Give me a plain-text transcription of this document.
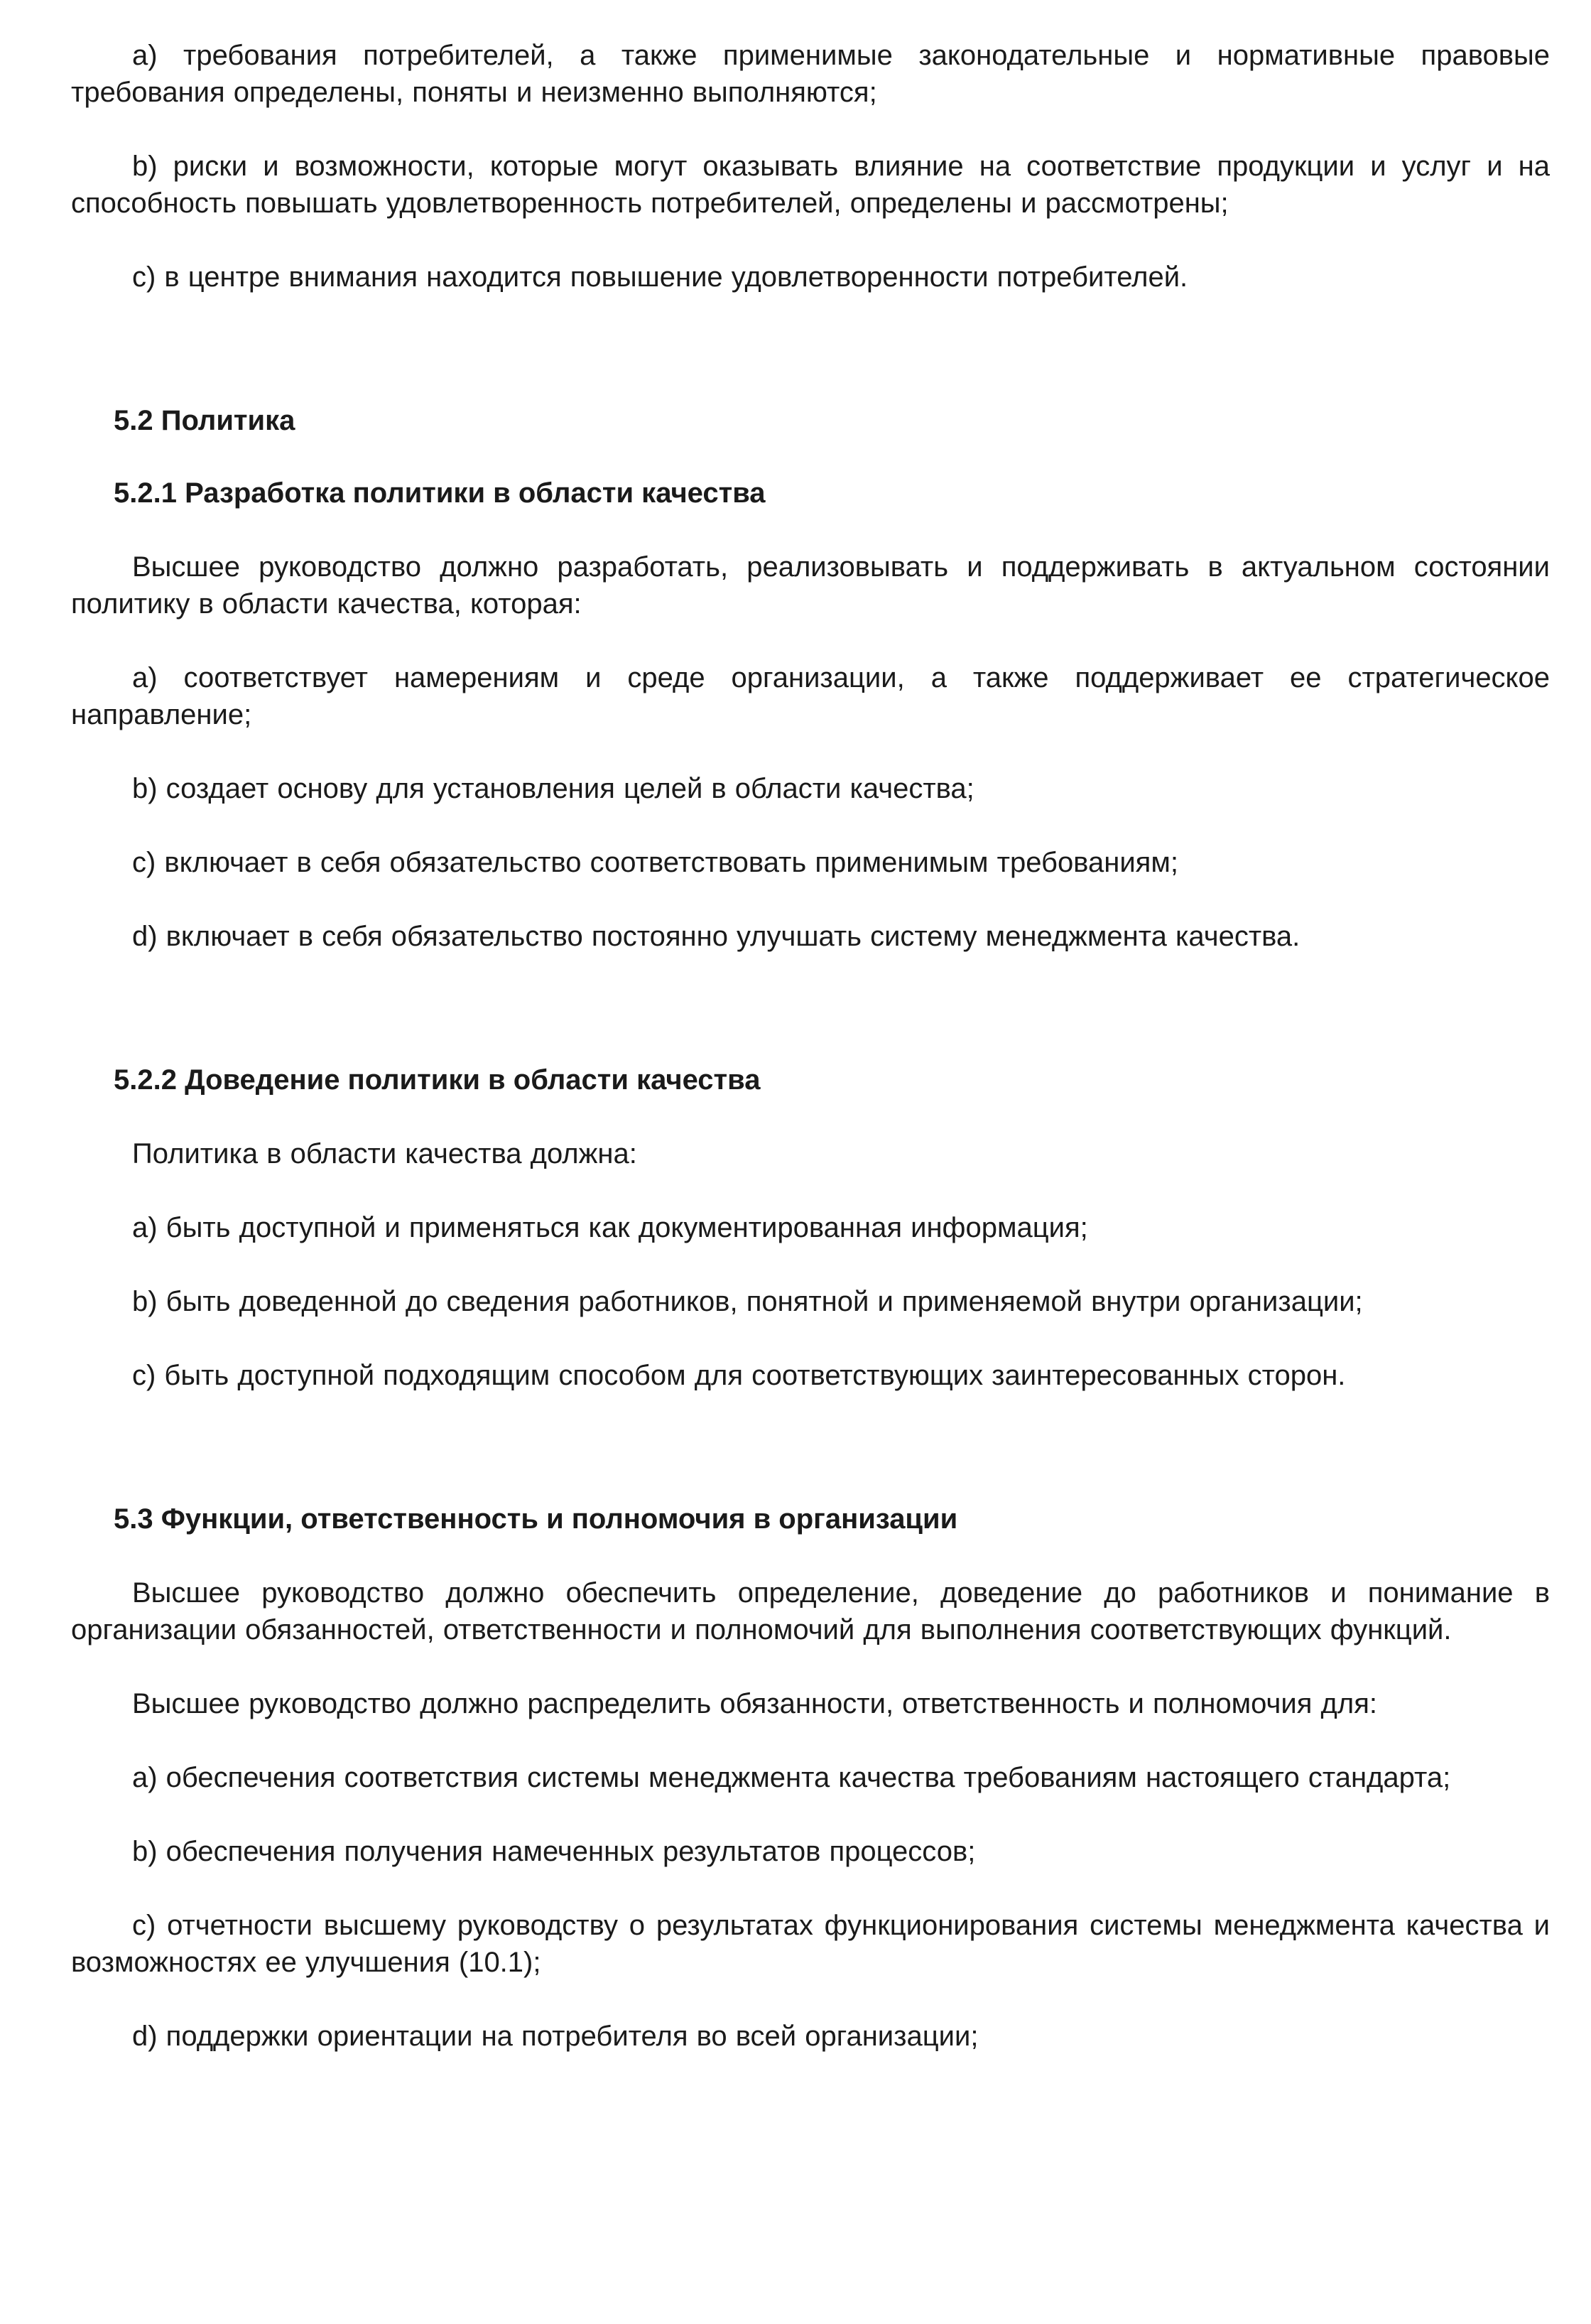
a) требования потребителей, а также применимые законодательные и нормативные правовые требования определены, поняты и неизменно выполняются;

b) риски и возможности, которые могут оказывать влияние на соответствие продукции и услуг и на способность повышать удовлетворенность потребителей, определены и рассмотрены;

c) в центре внимания находится повышение удовлетворенности потребителей.

5.2 Политика
5.2.1 Разработка политики в области качества

Высшее руководство должно разработать, реализовывать и поддерживать в актуальном состоянии политику в области качества, которая:

a) соответствует намерениям и среде организации, а также поддерживает ее стратегическое направление;

b) создает основу для установления целей в области качества;

c) включает в себя обязательство соответствовать применимым требованиям;

d) включает в себя обязательство постоянно улучшать систему менеджмента качества.

5.2.2 Доведение политики в области качества

Политика в области качества должна:

a) быть доступной и применяться как документированная информация;

b) быть доведенной до сведения работников, понятной и применяемой внутри организации;

c) быть доступной подходящим способом для соответствующих заинтересованных сторон.

5.3 Функции, ответственность и полномочия в организации

Высшее руководство должно обеспечить определение, доведение до работников и понимание в организации обязанностей, ответственности и полномочий для выполнения соответствующих функций.

Высшее руководство должно распределить обязанности, ответственность и полномочия для:

a) обеспечения соответствия системы менеджмента качества требованиям настоящего стандарта;

b) обеспечения получения намеченных результатов процессов;

c) отчетности высшему руководству о результатах функционирования системы менеджмента качества и возможностях ее улучшения (10.1);

d) поддержки ориентации на потребителя во всей организации;
